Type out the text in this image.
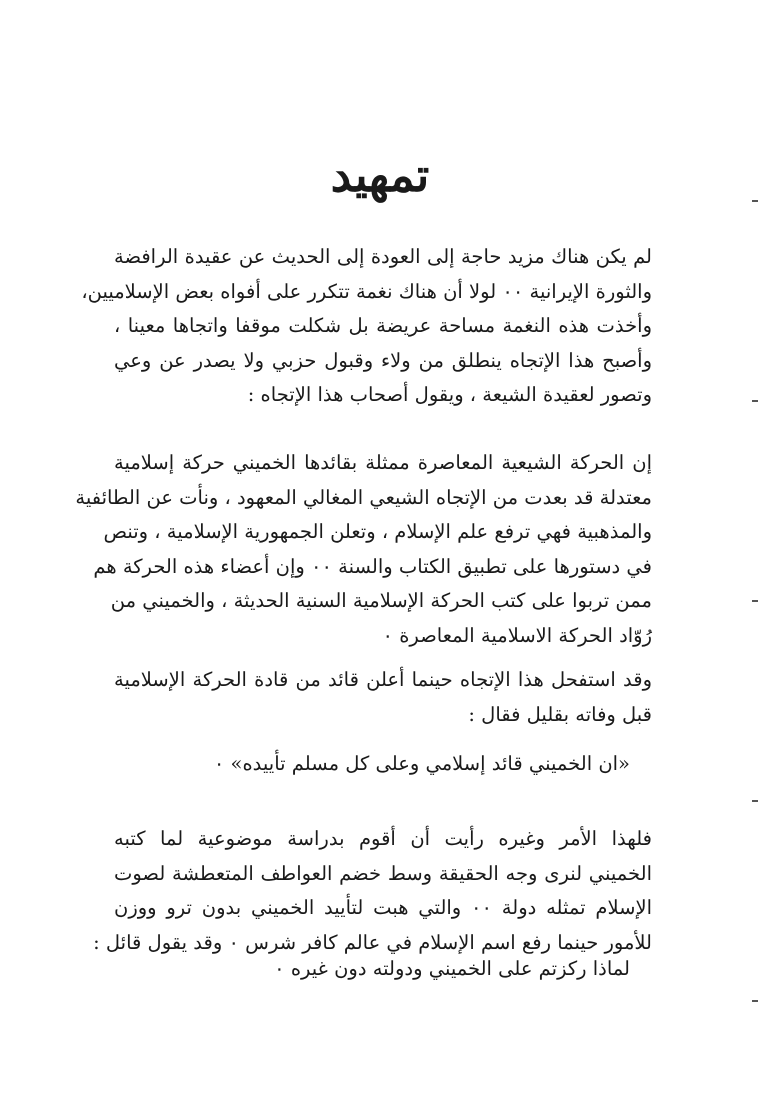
تمهيد
لم يكن هناك مزيد حاجة إلى العودة إلى الحديث عن عقيدة الرافضة
والثورة الإيرانية ٠٠ لولا أن هناك نغمة تتكرر على أفواه بعض الإسلاميين،
وأخذت هذه النغمة مساحة عريضة بل شكلت موقفا واتجاها معينا ،
وأصبح هذا الإتجاه ينطلق من ولاء وقبول حزبي ولا يصدر عن وعي
وتصور لعقيدة الشيعة ، ويقول أصحاب هذا الإتجاه :
إن الحركة الشيعية المعاصرة ممثلة بقائدها الخميني حركة إسلامية
معتدلة قد بعدت من الإتجاه الشيعي المغالي المعهود ، ونأت عن الطائفية
والمذهبية فهي ترفع علم الإسلام ، وتعلن الجمهورية الإسلامية ، وتنص
في دستورها على تطبيق الكتاب والسنة ٠٠ وإن أعضاء هذه الحركة هم
ممن تربوا على كتب الحركة الإسلامية السنية الحديثة ، والخميني من
رُوّاد الحركة الاسلامية المعاصرة ٠
وقد استفحل هذا الإتجاه حينما أعلن قائد من قادة الحركة الإسلامية
قبل وفاته بقليل فقال :
«ان الخميني قائد إسلامي وعلى كل مسلم تأييده» ٠
فلهذا الأمر وغيره رأيت أن أقوم بدراسة موضوعية لما كتبه
الخميني لنرى وجه الحقيقة وسط خضم العواطف المتعطشة لصوت
الإسلام تمثله دولة ٠٠ والتي هبت لتأييد الخميني بدون ترو ووزن
للأمور حينما رفع اسم الإسلام في عالم كافر شرس ٠ وقد يقول قائل :
لماذا ركزتم على الخميني ودولته دون غيره ٠
